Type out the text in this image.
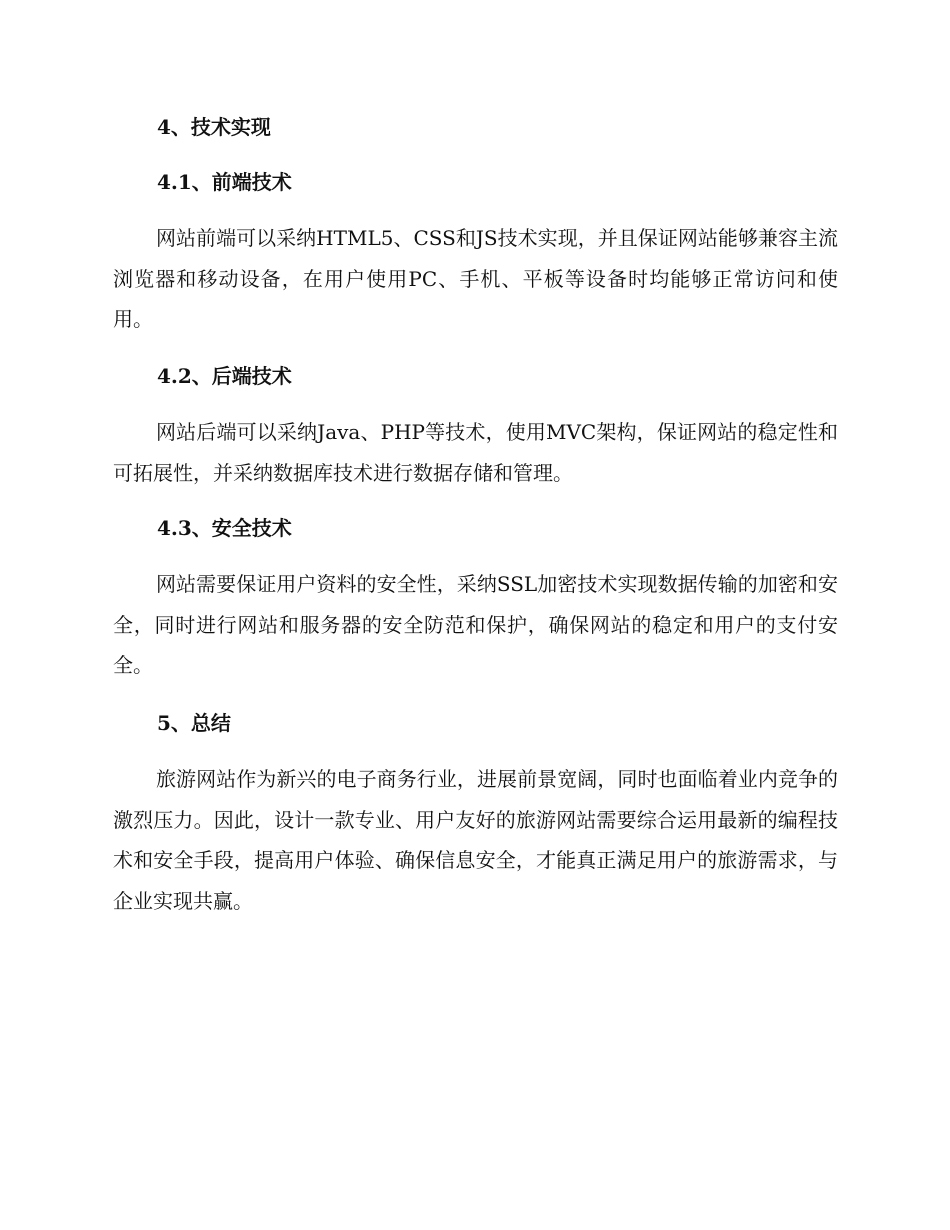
4、技术实现
4.1、前端技术

网站前端可以采纳HTML5、CSS和JS技术实现，并且保证网站能够兼容主流浏览器和移动设备，在用户使用PC、手机、平板等设备时均能够正常访问和使用。

4.2、后端技术

网站后端可以采纳Java、PHP等技术，使用MVC架构，保证网站的稳定性和可拓展性，并采纳数据库技术进行数据存储和管理。

4.3、安全技术

网站需要保证用户资料的安全性，采纳SSL加密技术实现数据传输的加密和安全，同时进行网站和服务器的安全防范和保护，确保网站的稳定和用户的支付安全。

5、总结

旅游网站作为新兴的电子商务行业，进展前景宽阔，同时也面临着业内竞争的激烈压力。因此，设计一款专业、用户友好的旅游网站需要综合运用最新的编程技术和安全手段，提高用户体验、确保信息安全，才能真正满足用户的旅游需求，与企业实现共赢。
